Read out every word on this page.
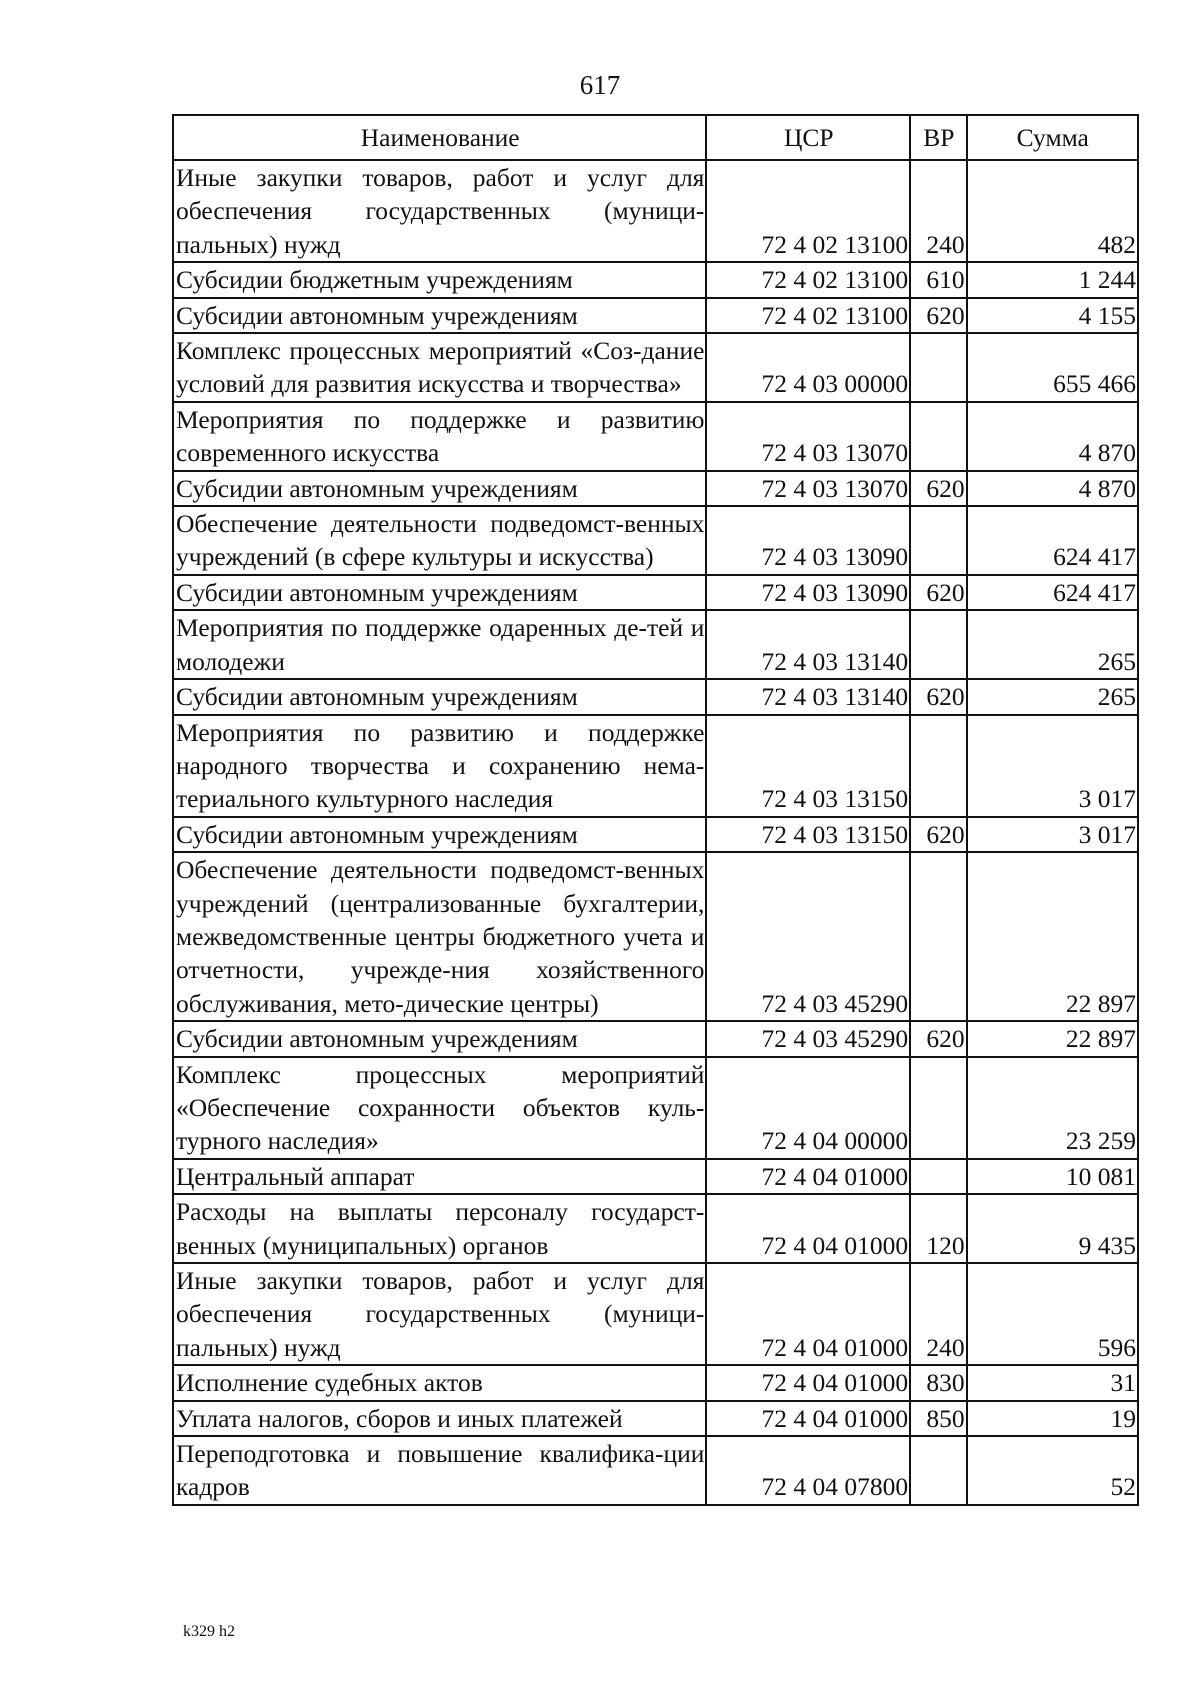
617
Наименование	ЦСР	ВР	Сумма
Иные закупки товаров, работ и услуг для обеспечения государственных (муници-пальных) нужд	72 4 02 13100	240	482
Субсидии бюджетным учреждениям	72 4 02 13100	610	1 244
Субсидии автономным учреждениям	72 4 02 13100	620	4 155
Комплекс процессных мероприятий «Соз-дание условий для развития искусства и творчества»	72 4 03 00000		655 466
Мероприятия по поддержке и развитию современного искусства	72 4 03 13070		4 870
Субсидии автономным учреждениям	72 4 03 13070	620	4 870
Обеспечение деятельности подведомст-венных учреждений (в сфере культуры и искусства)	72 4 03 13090		624 417
Субсидии автономным учреждениям	72 4 03 13090	620	624 417
Мероприятия по поддержке одаренных де-тей и молодежи	72 4 03 13140		265
Субсидии автономным учреждениям	72 4 03 13140	620	265
Мероприятия по развитию и поддержке народного творчества и сохранению нема-териального культурного наследия	72 4 03 13150		3 017
Субсидии автономным учреждениям	72 4 03 13150	620	3 017
Обеспечение деятельности подведомст-венных учреждений (централизованные бухгалтерии, межведомственные центры бюджетного учета и отчетности, учрежде-ния хозяйственного обслуживания, мето-дические центры)	72 4 03 45290		22 897
Субсидии автономным учреждениям	72 4 03 45290	620	22 897
Комплекс процессных мероприятий «Обеспечение сохранности объектов куль-турного наследия»	72 4 04 00000		23 259
Центральный аппарат	72 4 04 01000		10 081
Расходы на выплаты персоналу государст-венных (муниципальных) органов	72 4 04 01000	120	9 435
Иные закупки товаров, работ и услуг для обеспечения государственных (муници-пальных) нужд	72 4 04 01000	240	596
Исполнение судебных актов	72 4 04 01000	830	31
Уплата налогов, сборов и иных платежей	72 4 04 01000	850	19
Переподготовка и повышение квалифика-ции кадров	72 4 04 07800		52
k329 h2
